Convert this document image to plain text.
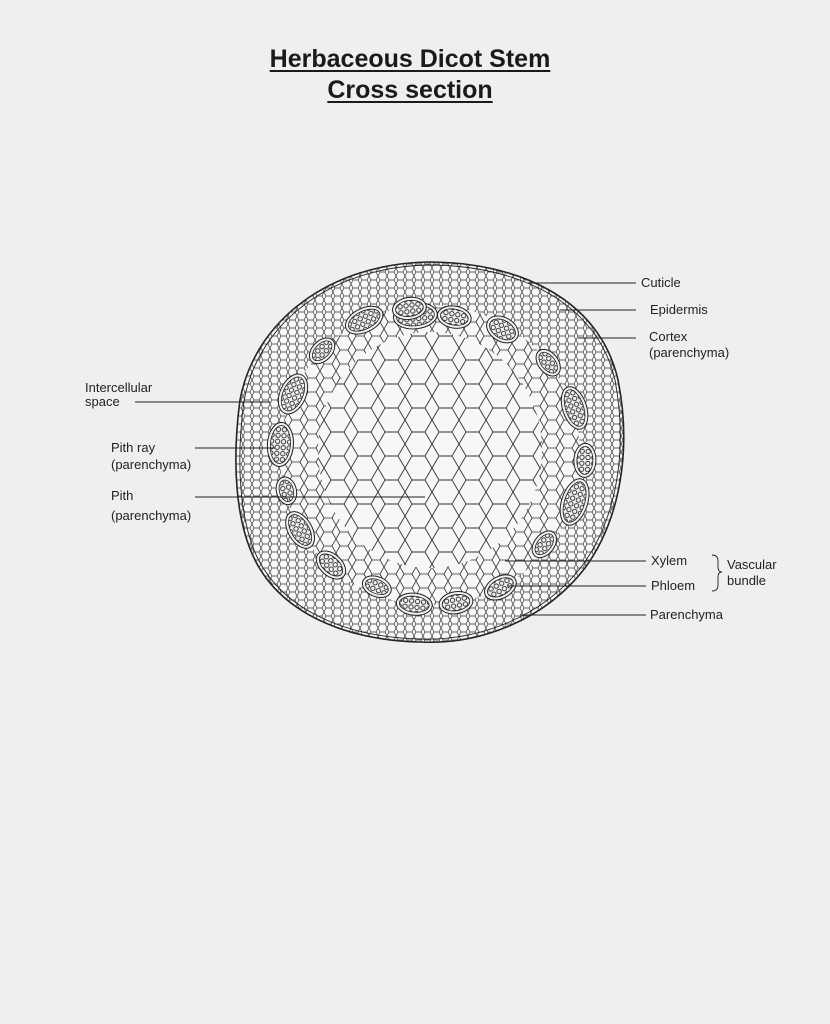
Herbaceous Dicot Stem
Cross section
Cuticle
Epidermis
Cortex
(parenchyma)
Intercellular
space
Pith ray
(parenchyma)
Pith
(parenchyma)
Xylem
Phloem
Vascular
bundle
Parenchyma
